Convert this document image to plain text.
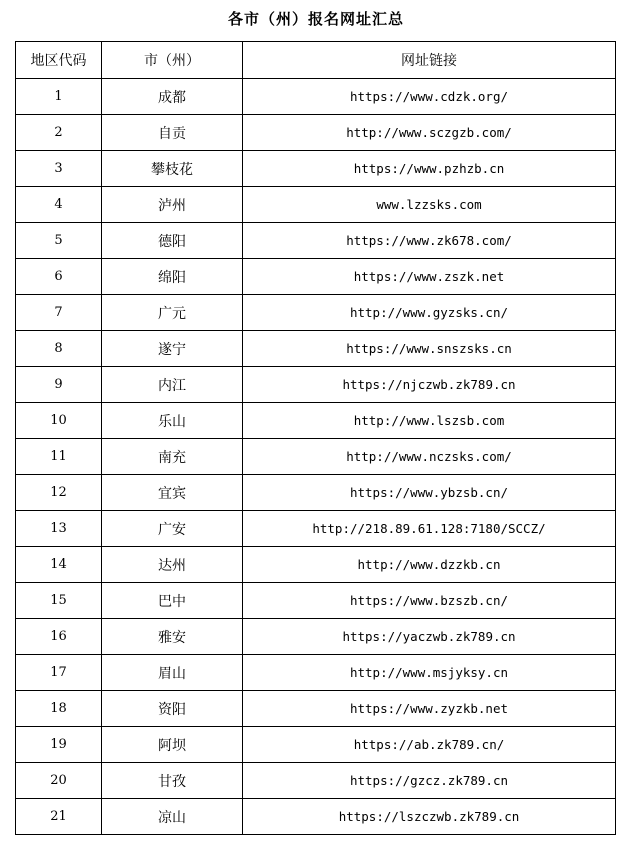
各市（州）报名网址汇总
地区代码	市（州）	网址链接
1	成都	https://www.cdzk.org/
2	自贡	http://www.sczgzb.com/
3	攀枝花	https://www.pzhzb.cn
4	泸州	www.lzzsks.com
5	德阳	https://www.zk678.com/
6	绵阳	https://www.zszk.net
7	广元	http://www.gyzsks.cn/
8	遂宁	https://www.snszsks.cn
9	内江	https://njczwb.zk789.cn
10	乐山	http://www.lszsb.com
11	南充	http://www.nczsks.com/
12	宜宾	https://www.ybzsb.cn/
13	广安	http://218.89.61.128:7180/SCCZ/
14	达州	http://www.dzzkb.cn
15	巴中	https://www.bzszb.cn/
16	雅安	https://yaczwb.zk789.cn
17	眉山	http://www.msjyksy.cn
18	资阳	https://www.zyzkb.net
19	阿坝	https://ab.zk789.cn/
20	甘孜	https://gzcz.zk789.cn
21	凉山	https://lszczwb.zk789.cn
